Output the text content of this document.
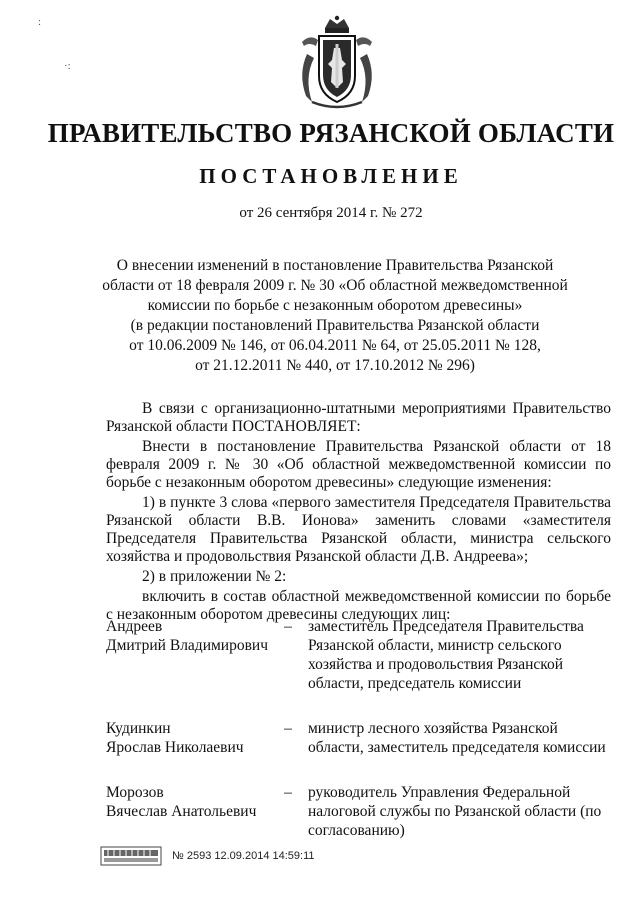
:
·:
ПРАВИТЕЛЬСТВО РЯЗАНСКОЙ ОБЛАСТИ
ПОСТАНОВЛЕНИЕ
от 26 сентября 2014 г. № 272
О внесении изменений в постановление Правительства Рязанской
области от 18 февраля 2009 г. № 30 «Об областной межведомственной
комиссии по борьбе с незаконным оборотом древесины»
(в редакции постановлений Правительства Рязанской области
от 10.06.2009 № 146, от 06.04.2011 № 64, от 25.05.2011 № 128,
от 21.12.2011 № 440, от 17.10.2012 № 296)

В связи с организационно-штатными мероприятиями Правительство Рязанской области ПОСТАНОВЛЯЕТ:

Внести в постановление Правительства Рязанской области от 18 февраля 2009 г. № 30 «Об областной межведомственной комиссии по борьбе с незаконным оборотом древесины» следующие изменения:

1) в пункте 3 слова «первого заместителя Председателя Правительства Рязанской области В.В. Ионова» заменить словами «заместителя Председателя Правительства Рязанской области, министра сельского хозяйства и продовольствия Рязанской области Д.В. Андреева»;

2) в приложении № 2:

включить в состав областной межведомственной комиссии по борьбе с незаконным оборотом древесины следующих лиц:

Андреев
Дмитрий Владимирович
–	заместитель Председателя Правительства Рязанской области, министр сельского хозяйства и продовольствия Рязанской области, председатель комиссии
Кудинкин
Ярослав Николаевич
–	министр лесного хозяйства Рязанской области, заместитель председателя комиссии
Морозов
Вячеслав Анатольевич
–	руководитель Управления Федеральной налоговой службы по Рязанской области (по согласованию)
№ 2593 12.09.2014 14:59:11
